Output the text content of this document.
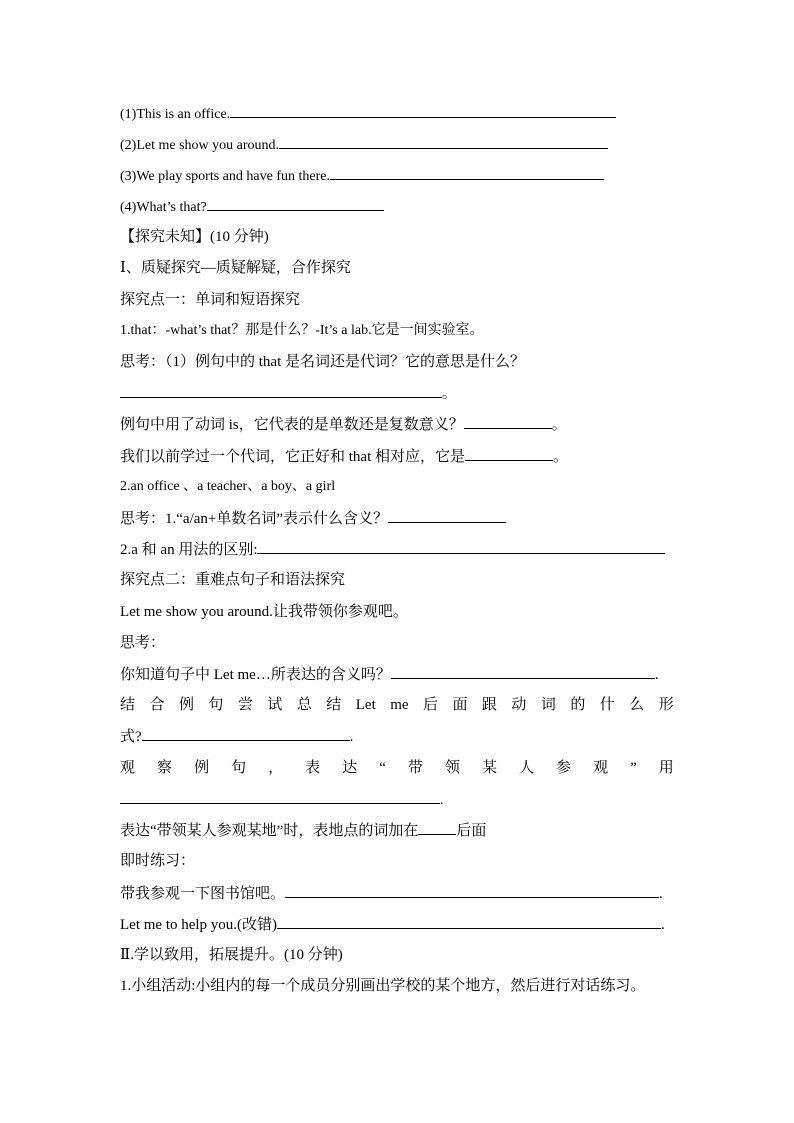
(1)This is an office.
(2)Let me show you around.
(3)We play sports and have fun there.
(4)What’s that?
【探究未知】(10 分钟)
Ⅰ、质疑探究—质疑解疑，合作探究
探究点一：单词和短语探究
1.that：-what’s that？那是什么？-It’s a lab.它是一间实验室。
思考：（1）例句中的 that 是名词还是代词？它的意思是什么？
。
例句中用了动词 is，它代表的是单数还是复数意义？	。
我们以前学过一个代词，它正好和 that 相对应，它是	。
2.an office 、a teacher、a boy、a girl
思考：1.“a/an+单数名词”表示什么含义？
2.a 和 an 用法的区别:
探究点二：重难点句子和语法探究
Let me show you around.让我带领你参观吧。
思考：
你知道句子中 Let me…所表达的含义吗？	.
结 合 例 句 尝 试 总 结 Let me 后 面 跟 动 词 的 什 么 形
式?	.
观 察 例 句 ， 表 达 “ 带 领 某 人 参 观 ” 用
.
表达“带领某人参观某地”时，表地点的词加在	后面
即时练习：
带我参观一下图书馆吧。	.
Let me to help you.(改错)	.
Ⅱ.学以致用，拓展提升。(10 分钟)
1.小组活动:小组内的每一个成员分别画出学校的某个地方，然后进行对话练习。
